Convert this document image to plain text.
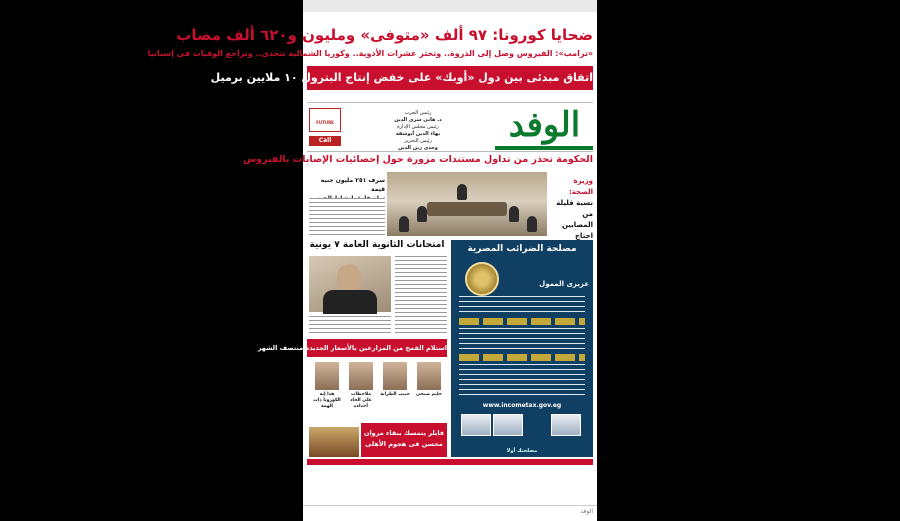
ضحايا كورونا: ٩٧ ألف «متوفى» ومليون و٦٢٠ ألف مصاب
«ترامب»: الفيروس وصل إلى الذروة.. وتخثر عشرات الأدوية.. وكوريا الشمالية تتحدى.. وتراجع الوفيات فى إسبانيا
اتفاق مبدئى بين دول «أوبك» على خفض إنتاج البترول ١٠ ملايين برميل
الوفد
رئيس الحزب
د. هانى سرى الدين
رئيس مجلس الإدارة
بهاء الدين أبوشقة
رئيس التحرير
وجدى زين الدين
FUTURE
Call
الحكومة تحذر من تداول مستندات مزورة حول إحصائيات الإصابات بالفيروس
وزيرة الصحة:
نسبة قليلة
من المصابين
احتاج
سرف ٢٥١ مليون جنيه قيمة
امتحانات الثانوية العامة ٧ يونية
استلام القمح من المزارعين بالأسعار الجديدة منتصف الشهر
حليم صبحى
حبيب الطرابة
ملاحظات على الخاد أحذاءه
هذا إيه الكورونا ذات الهمة
فايلر يتمسك ببقاء مروان
محسن فى هجوم الأهلى
مصلحة الضرائب المصرية
عزيزى الممول
www.incometax.gov.eg
مصلحتك أولا
الوفد
